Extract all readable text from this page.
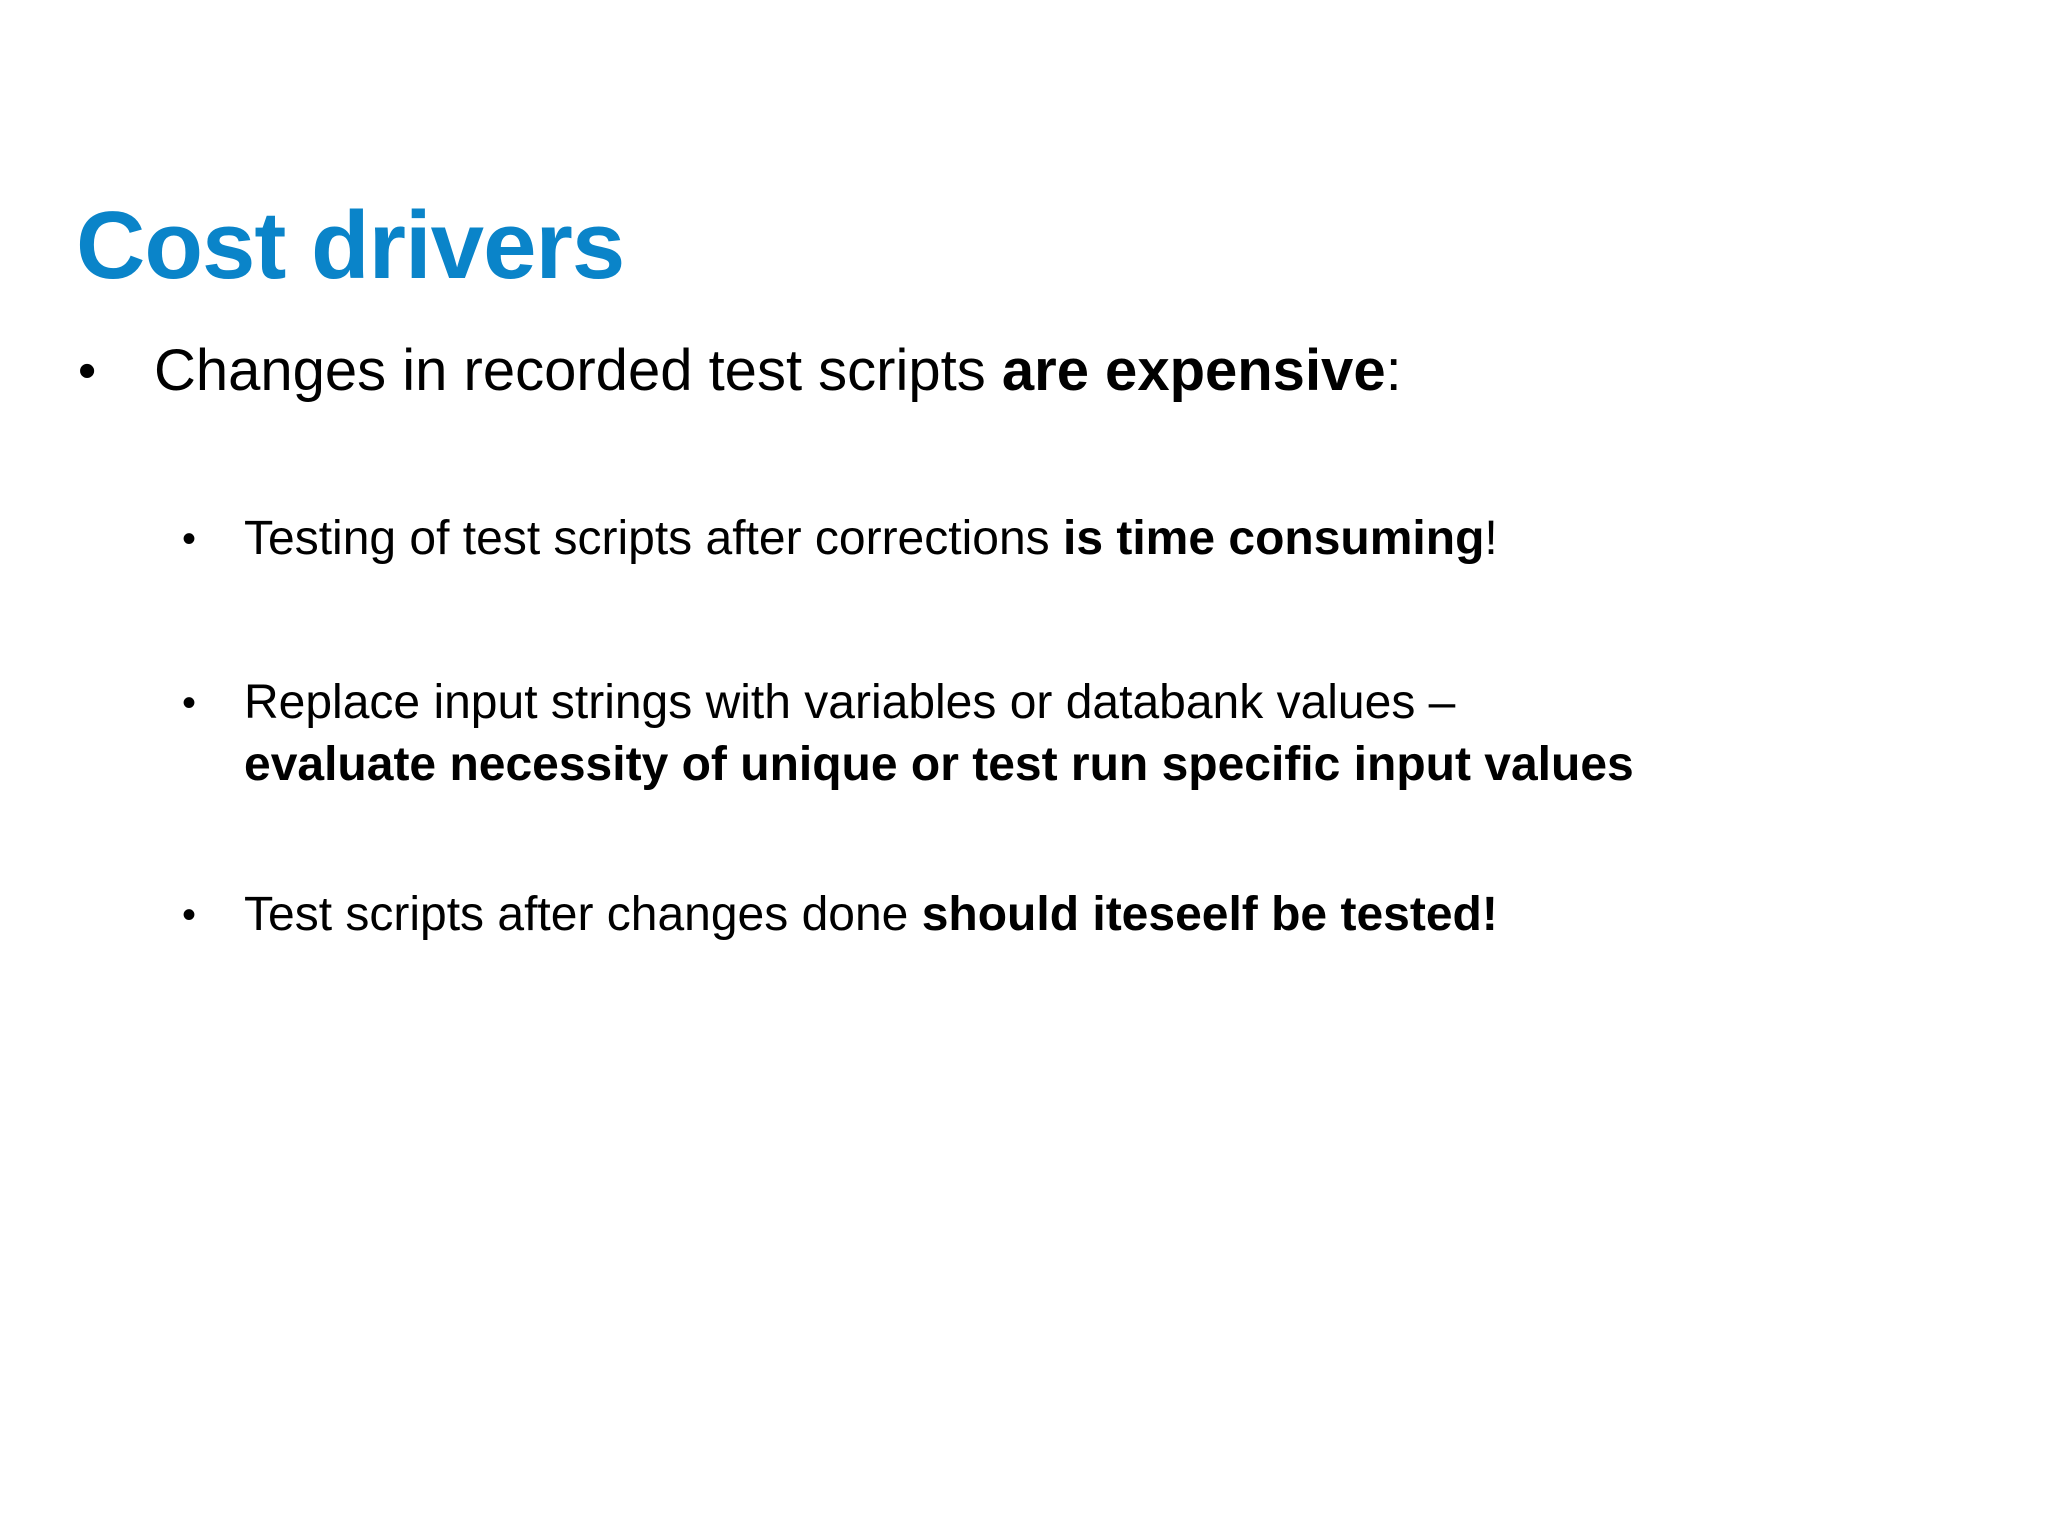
Cost drivers
• Changes in recorded test scripts are expensive:
• Testing of test scripts after corrections is time consuming!
• Replace input strings with variables or databank values –
evaluate necessity of unique or test run specific input values
• Test scripts after changes done should iteseelf be tested!
